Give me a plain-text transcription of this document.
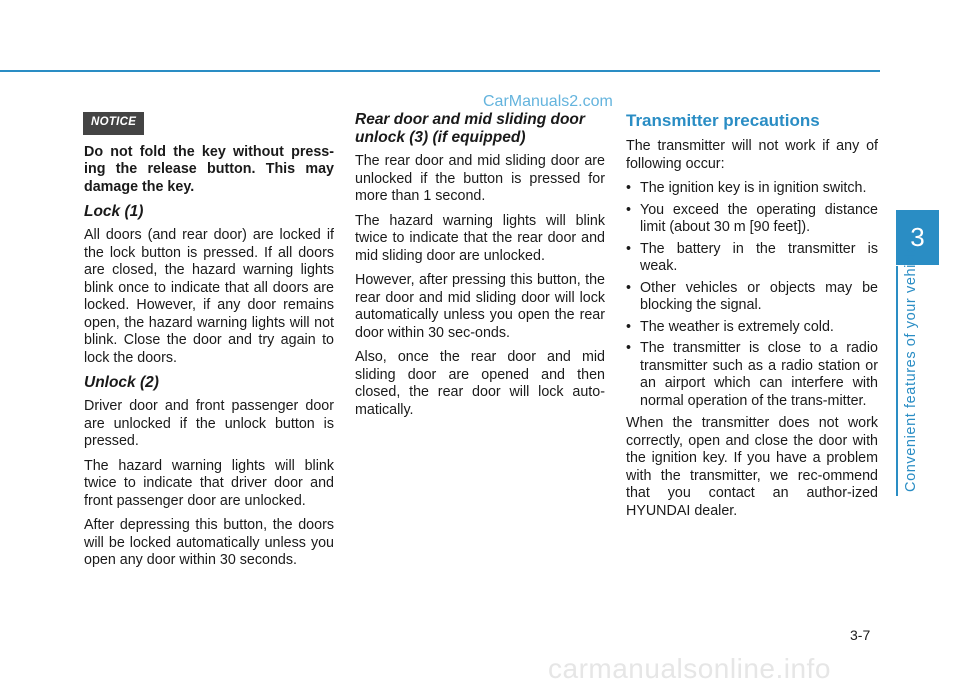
CarManuals2.com
NOTICE

Do not fold the key without press-ing the release button. This may damage the key.

Lock (1)

All doors (and rear door) are locked if the lock button is pressed. If all doors are closed, the hazard warning lights blink once to indicate that all doors are locked. However, if any door remains open, the hazard warning lights will not blink. Close the door and try again to lock the doors.

Unlock (2)

Driver door and front passenger door are unlocked if the unlock button is pressed.

The hazard warning lights will blink twice to indicate that driver door and front passenger door are unlocked.

After depressing this button, the doors will be locked automatically unless you open any door within 30 seconds.

Rear door and mid sliding door unlock (3) (if equipped)

The rear door and mid sliding door are unlocked if the button is pressed for more than 1 second.

The hazard warning lights will blink twice to indicate that the rear door and mid sliding door are unlocked.

However, after pressing this button, the rear door and mid sliding door will lock automatically unless you open the rear door within 30 sec-onds.

Also, once the rear door and mid sliding door are opened and then closed, the rear door will lock auto-matically.

Transmitter precautions

The transmitter will not work if any of following occur:

• The ignition key is in ignition switch.
• You exceed the operating distance limit (about 30 m [90 feet]).
• The battery in the transmitter is weak.
• Other vehicles or objects may be blocking the signal.
• The weather is extremely cold.
• The transmitter is close to a radio transmitter such as a radio station or an airport which can interfere with normal operation of the trans-mitter.

When the transmitter does not work correctly, open and close the door with the ignition key. If you have a problem with the transmitter, we rec-ommend that you contact an author-ized HYUNDAI dealer.

3
Convenient features of your vehicle
3-7
carmanualsonline.info
